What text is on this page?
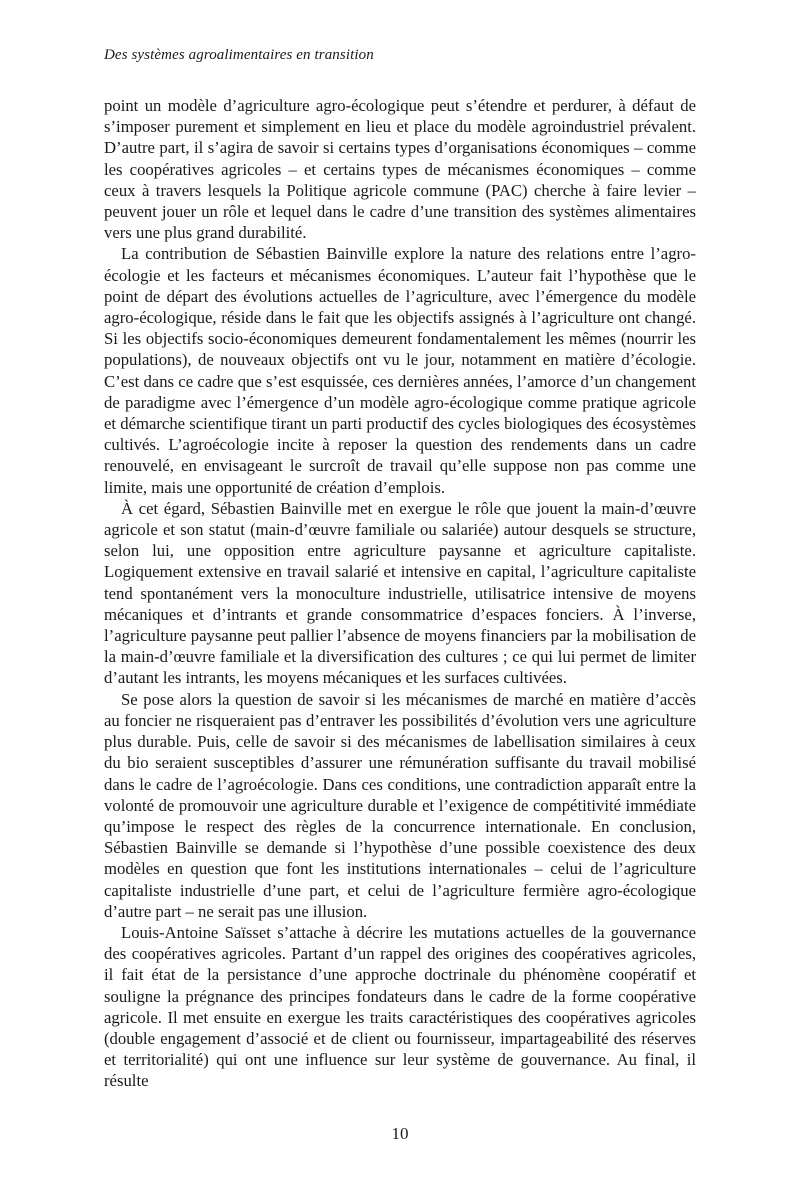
Des systèmes agroalimentaires en transition

point un modèle d’agriculture agro-écologique peut s’étendre et perdurer, à défaut de s’imposer purement et simplement en lieu et place du modèle agroindustriel prévalent. D’autre part, il s’agira de savoir si certains types d’organisations économiques – comme les coopératives agricoles – et certains types de mécanismes économiques – comme ceux à travers lesquels la Politique agricole commune (PAC) cherche à faire levier – peuvent jouer un rôle et lequel dans le cadre d’une transition des systèmes alimentaires vers une plus grand durabilité.

La contribution de Sébastien Bainville explore la nature des relations entre l’agro-écologie et les facteurs et mécanismes économiques. L’auteur fait l’hypothèse que le point de départ des évolutions actuelles de l’agriculture, avec l’émergence du modèle agro-écologique, réside dans le fait que les objectifs assignés à l’agriculture ont changé. Si les objectifs socio-économiques demeurent fondamentalement les mêmes (nourrir les populations), de nouveaux objectifs ont vu le jour, notamment en matière d’écologie. C’est dans ce cadre que s’est esquissée, ces dernières années, l’amorce d’un changement de paradigme avec l’émergence d’un modèle agro-écologique comme pratique agricole et démarche scientifique tirant un parti productif des cycles biologiques des écosystèmes cultivés. L’agroécologie incite à reposer la question des rendements dans un cadre renouvelé, en envisageant le surcroît de travail qu’elle suppose non pas comme une limite, mais une opportunité de création d’emplois.

À cet égard, Sébastien Bainville met en exergue le rôle que jouent la main-d’œuvre agricole et son statut (main-d’œuvre familiale ou salariée) autour desquels se structure, selon lui, une opposition entre agriculture paysanne et agriculture capitaliste. Logiquement extensive en travail salarié et intensive en capital, l’agriculture capitaliste tend spontanément vers la monoculture industrielle, utilisatrice intensive de moyens mécaniques et d’intrants et grande consommatrice d’espaces fonciers. À l’inverse, l’agriculture paysanne peut pallier l’absence de moyens financiers par la mobilisation de la main-d’œuvre familiale et la diversification des cultures ; ce qui lui permet de limiter d’autant les intrants, les moyens mécaniques et les surfaces cultivées.

Se pose alors la question de savoir si les mécanismes de marché en matière d’accès au foncier ne risqueraient pas d’entraver les possibilités d’évolution vers une agriculture plus durable. Puis, celle de savoir si des mécanismes de labellisation similaires à ceux du bio seraient susceptibles d’assurer une rémunération suffisante du travail mobilisé dans le cadre de l’agroécologie. Dans ces conditions, une contradiction apparaît entre la volonté de promouvoir une agriculture durable et l’exigence de compétitivité immédiate qu’impose le respect des règles de la concurrence internationale. En conclusion, Sébastien Bainville se demande si l’hypothèse d’une possible coexistence des deux modèles en question que font les institutions internationales – celui de l’agriculture capitaliste industrielle d’une part, et celui de l’agriculture fermière agro-écologique d’autre part – ne serait pas une illusion.

Louis-Antoine Saïsset s’attache à décrire les mutations actuelles de la gouvernance des coopératives agricoles. Partant d’un rappel des origines des coopératives agricoles, il fait état de la persistance d’une approche doctrinale du phénomène coopératif et souligne la prégnance des principes fondateurs dans le cadre de la forme coopérative agricole. Il met ensuite en exergue les traits caractéristiques des coopératives agricoles (double engagement d’associé et de client ou fournisseur, impartageabilité des réserves et territorialité) qui ont une influence sur leur système de gouvernance. Au final, il résulte

10
